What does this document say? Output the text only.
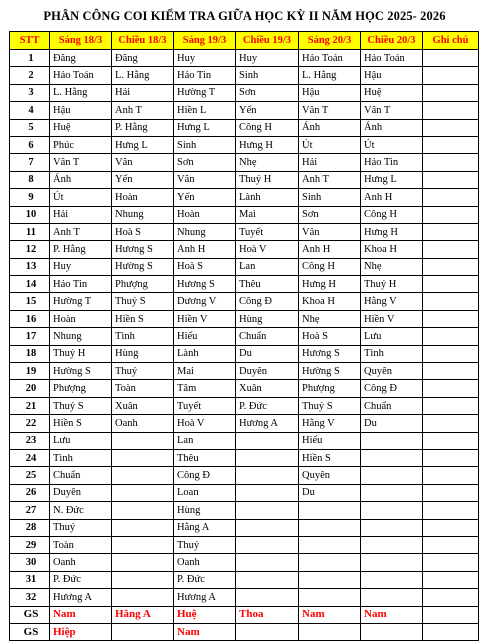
PHÂN CÔNG COI KIỂM TRA GIỮA HỌC KỲ II NĂM HỌC 2025- 2026
STT	Sáng 18/3	Chiều 18/3	Sáng 19/3	Chiều 19/3	Sáng 20/3	Chiều 20/3	Ghi chú
1	Đăng	Đăng	Huy	Huy	Hảo Toán	Hảo Toán	
2	Hảo Toán	L. Hằng	Hảo Tin	Sinh	L. Hằng	Hậu	
3	L. Hằng	Hải	Hường T	Sơn	Hậu	Huệ	
4	Hậu	Anh T	Hiền L	Yến	Vân T	Vân T	
5	Huệ	P. Hằng	Hưng L	Công H	Ánh	Ánh	
6	Phúc	Hưng L	Sinh	Hưng H	Út	Út	
7	Vân T	Vân	Sơn	Nhẹ	Hải	Hảo Tin	
8	Ánh	Yến	Vân	Thuỷ H	Anh T	Hưng L	
9	Út	Hoàn	Yến	Lành	Sinh	Anh H	
10	Hải	Nhung	Hoàn	Mai	Sơn	Công H	
11	Anh T	Hoà S	Nhung	Tuyết	Vân	Hưng H	
12	P. Hằng	Hương S	Anh H	Hoà V	Anh H	Khoa H	
13	Huy	Hường S	Hoà S	Lan	Công H	Nhẹ	
14	Hảo Tin	Phượng	Hương S	Thêu	Hưng H	Thuỷ H	
15	Hường T	Thuỷ S	Dương V	Công Đ	Khoa H	Hằng V	
16	Hoàn	Hiền S	Hiền V	Hùng	Nhẹ	Hiền V	
17	Nhung	Tình	Hiếu	Chuẩn	Hoà S	Lưu	
18	Thuỷ H	Hùng	Lành	Du	Hương S	Tình	
19	Hường S	Thuý	Mai	Duyên	Hường S	Quyên	
20	Phượng	Toàn	Tâm	Xuân	Phượng	Công Đ	
21	Thuỷ S	Xuân	Tuyết	P. Đức	Thuỷ S	Chuẩn	
22	Hiền S	Oanh	Hoà V	Hương A	Hằng V	Du	
23	Lưu		Lan		Hiếu		
24	Tình		Thêu		Hiền S		
25	Chuẩn		Công Đ		Quyên		
26	Duyên		Loan		Du		
27	N. Đức		Hùng				
28	Thuý		Hằng A				
29	Toàn		Thuý				
30	Oanh		Oanh				
31	P. Đức		P. Đức				
32	Hương A		Hương A				
GS	Nam	Hằng A	Huệ	Thoa	Nam	Nam	
GS	Hiệp		Nam				
